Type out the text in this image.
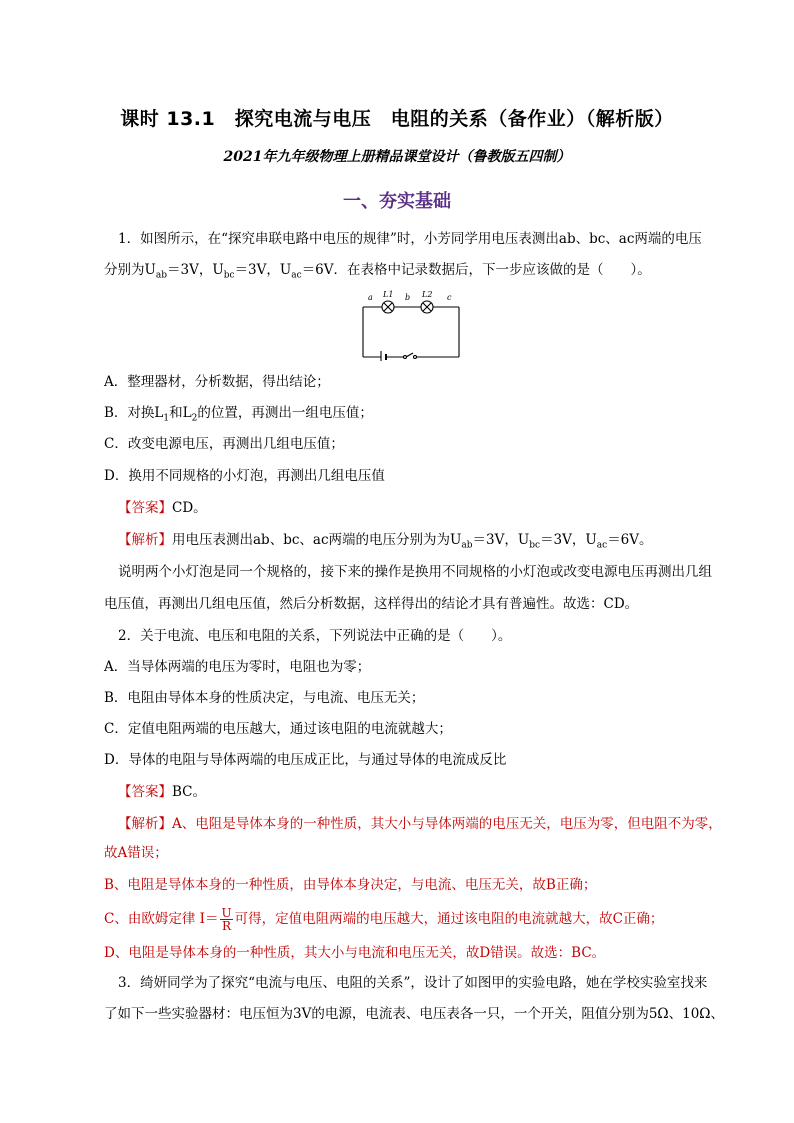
课时 13.1　探究电流与电压　电阻的关系（备作业）（解析版）
2021年九年级物理上册精品课堂设计（鲁教版五四制）
一、夯实基础
1．如图所示，在“探究串联电路中电压的规律”时，小芳同学用电压表测出ab、bc、ac两端的电压
分别为$U_{ab}=3V$，$U_{bc}=3V$，$U_{ac}=6V$．在表格中记录数据后，下一步应该做的是（　　）。
a L1 b L2 c
A．整理器材，分析数据，得出结论；
B．对换$L_1$和$L_2$的位置，再测出一组电压值；
C．改变电源电压，再测出几组电压值；
D．换用不同规格的小灯泡，再测出几组电压值
【答案】CD。
【解析】用电压表测出ab、bc、ac两端的电压分别为为$U_{ab}=3V$，$U_{bc}=3V$，$U_{ac}=6V$。
说明两个小灯泡是同一个规格的，接下来的操作是换用不同规格的小灯泡或改变电源电压再测出几组
电压值，再测出几组电压值，然后分析数据，这样得出的结论才具有普遍性。故选：CD。
2．关于电流、电压和电阻的关系，下列说法中正确的是（　　）。
A．当导体两端的电压为零时，电阻也为零；
B．电阻由导体本身的性质决定，与电流、电压无关；
C．定值电阻两端的电压越大，通过该电阻的电流就越大；
D．导体的电阻与导体两端的电压成正比，与通过导体的电流成反比
【答案】BC。
【解析】A、电阻是导体本身的一种性质，其大小与导体两端的电压无关，电压为零，但电阻不为零，
故A错误；
B、电阻是导体本身的一种性质，由导体本身决定，与电流、电压无关，故B正确；
C、由欧姆定律 $I= \frac{U}{R}$ 可得，定值电阻两端的电压越大，通过该电阻的电流就越大，故C正确；
D、电阻是导体本身的一种性质，其大小与电流和电压无关，故D错误。故选：BC。
3．绮妍同学为了探究“电流与电压、电阻的关系”，设计了如图甲的实验电路，她在学校实验室找来
了如下一些实验器材：电压恒为3V的电源，电流表、电压表各一只，一个开关，阻值分别为5Ω、10Ω、
